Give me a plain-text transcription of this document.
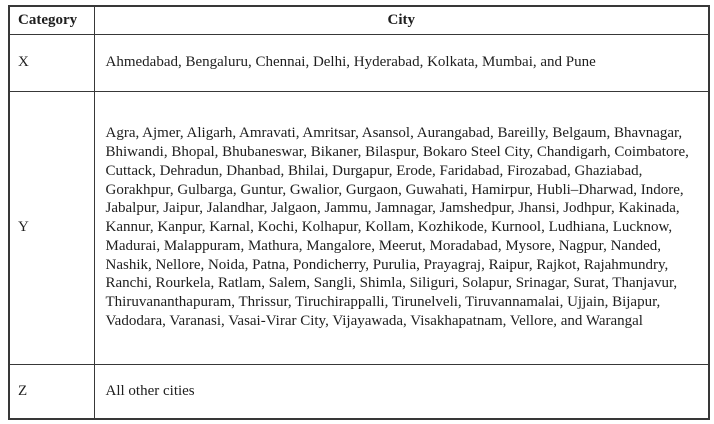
Category	City
X	Ahmedabad, Bengaluru, Chennai, Delhi, Hyderabad, Kolkata, Mumbai, and Pune
Y	Agra, Ajmer, Aligarh, Amravati, Amritsar, Asansol, Aurangabad, Bareilly, Belgaum, Bhavnagar, Bhiwandi, Bhopal, Bhubaneswar, Bikaner, Bilaspur, Bokaro Steel City, Chandigarh, Coimbatore, Cuttack, Dehradun, Dhanbad, Bhilai, Durgapur, Erode, Faridabad, Firozabad, Ghaziabad, Gorakhpur, Gulbarga, Guntur, Gwalior, Gurgaon, Guwahati, Hamirpur, Hubli–Dharwad, Indore, Jabalpur, Jaipur, Jalandhar, Jalgaon, Jammu, Jamnagar, Jamshedpur, Jhansi, Jodhpur, Kakinada, Kannur, Kanpur, Karnal, Kochi, Kolhapur, Kollam, Kozhikode, Kurnool, Ludhiana, Lucknow, Madurai, Malappuram, Mathura, Mangalore, Meerut, Moradabad, Mysore, Nagpur, Nanded, Nashik, Nellore, Noida, Patna, Pondicherry, Purulia, Prayagraj, Raipur, Rajkot, Rajahmundry, Ranchi, Rourkela, Ratlam, Salem, Sangli, Shimla, Siliguri, Solapur, Srinagar, Surat, Thanjavur, Thiruvananthapuram, Thrissur, Tiruchirappalli, Tirunelveli, Tiruvannamalai, Ujjain, Bijapur, Vadodara, Varanasi, Vasai-Virar City, Vijayawada, Visakhapatnam, Vellore, and Warangal
Z	All other cities
